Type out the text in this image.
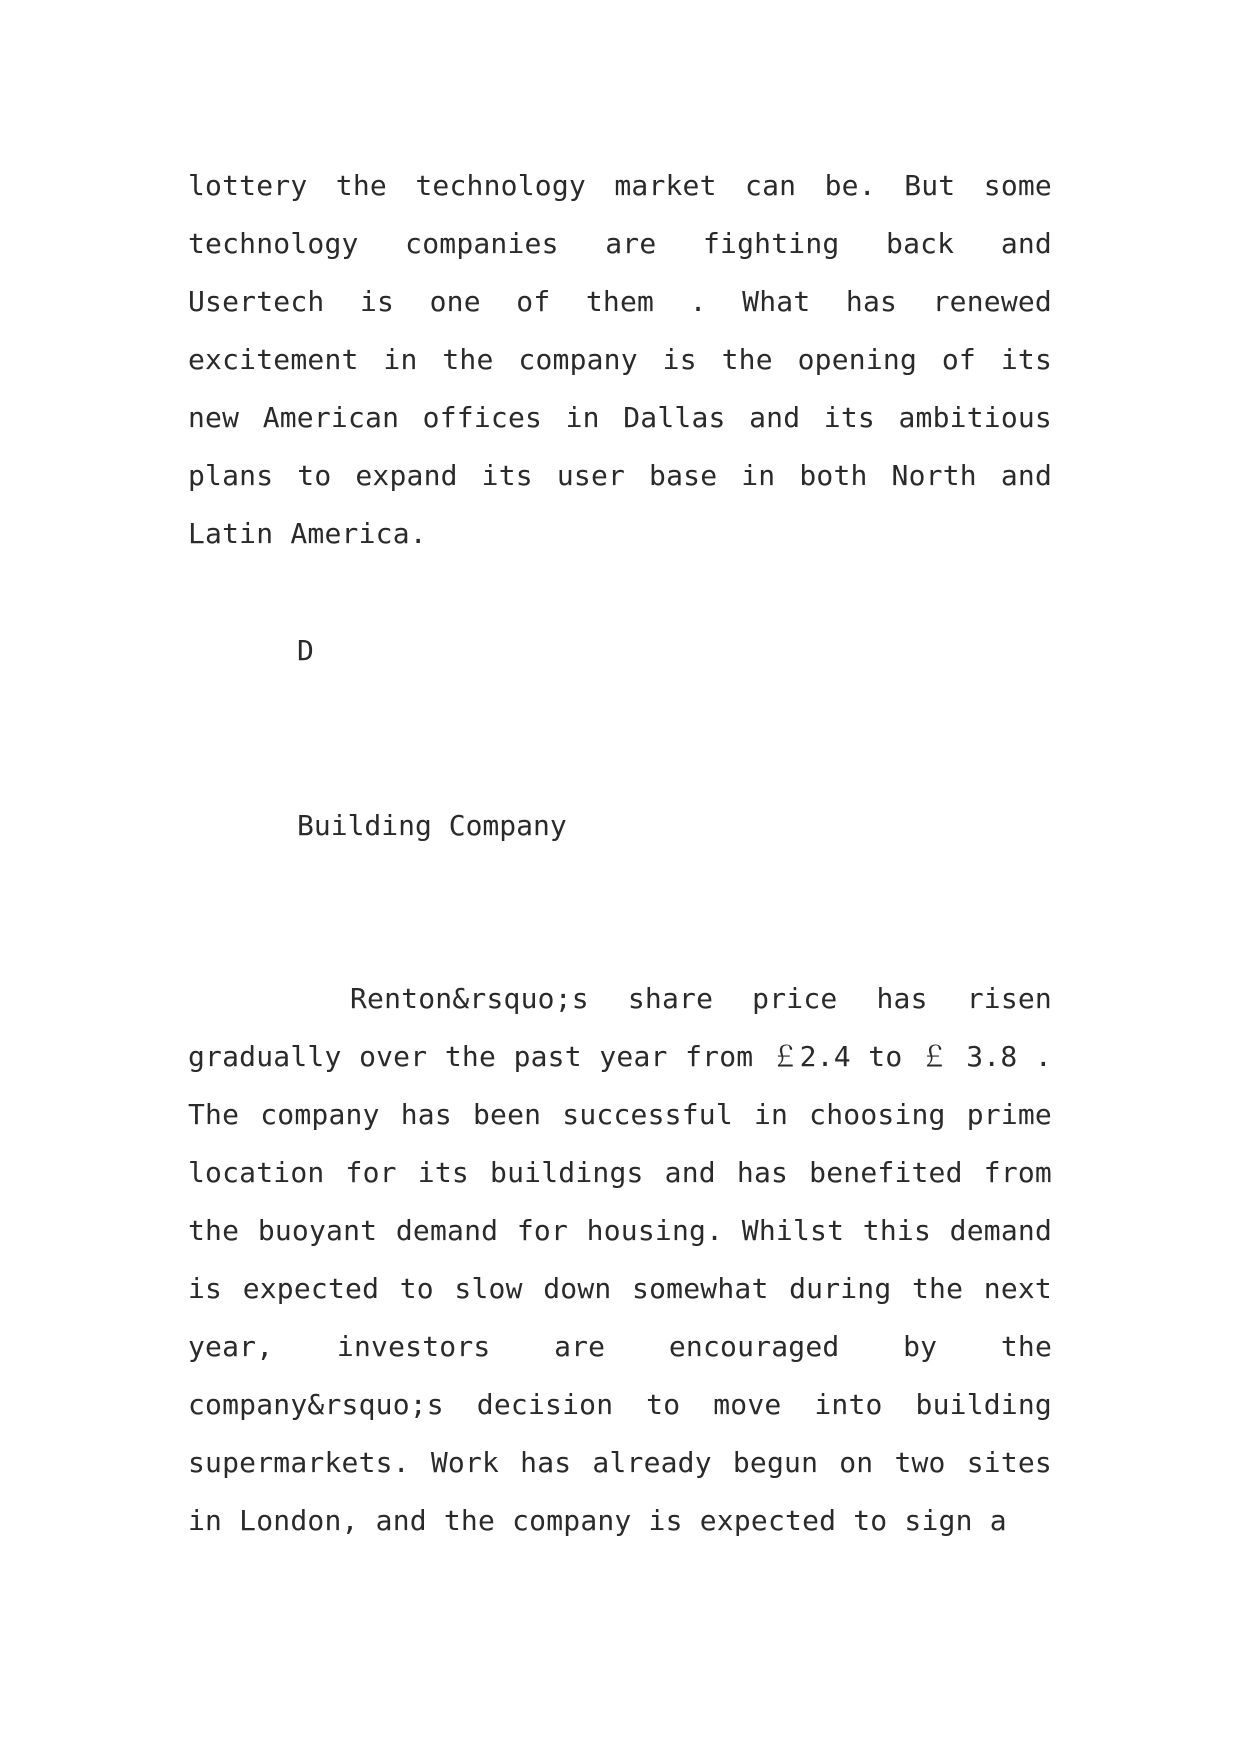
lottery the technology market can be. But some technology companies are fighting back and Usertech is one of them . What has renewed excitement in the company is the opening of its new American offices in Dallas and its ambitious plans to expand its user base in both North and Latin America.

D
Building Company

Renton&rsquo;s share price has risen gradually over the past year from ￡2.4 to ￡ 3.8 . The company has been successful in choosing prime location for its buildings and has benefited from the buoyant demand for housing. Whilst this demand is expected to slow down somewhat during the next year, investors are encouraged by the company&rsquo;s decision to move into building supermarkets. Work has already begun on two sites in London, and the company is expected to sign a
